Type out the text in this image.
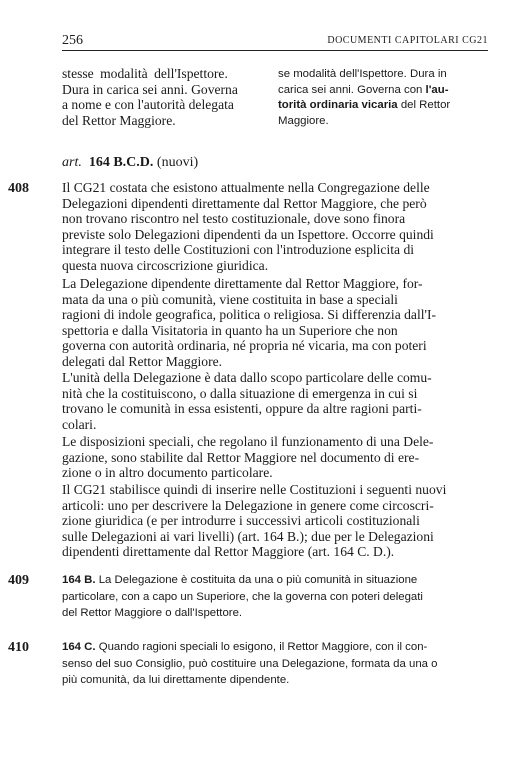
256	DOCUMENTI CAPITOLARI CG21
stesse modalità dell'Ispettore.
Dura in carica sei anni. Governa
a nome e con l'autorità delegata
del Rettor Maggiore.
se modalità dell'Ispettore. Dura in
carica sei anni. Governa con l'au-
torità ordinaria vicaria del Rettor
Maggiore.
art. 164 B.C.D. (nuovi)
408 Il CG21 costata che esistono attualmente nella Congregazione delle
Delegazioni dipendenti direttamente dal Rettor Maggiore, che però
non trovano riscontro nel testo costituzionale, dove sono finora
previste solo Delegazioni dipendenti da un Ispettore. Occorre quindi
integrare il testo delle Costituzioni con l'introduzione esplicita di
questa nuova circoscrizione giuridica.
La Delegazione dipendente direttamente dal Rettor Maggiore, for-
mata da una o più comunità, viene costituita in base a speciali
ragioni di indole geografica, politica o religiosa. Si differenzia dall'I-
spettoria e dalla Visitatoria in quanto ha un Superiore che non
governa con autorità ordinaria, né propria né vicaria, ma con poteri
delegati dal Rettor Maggiore.
L'unità della Delegazione è data dallo scopo particolare delle comu-
nità che la costituiscono, o dalla situazione di emergenza in cui si
trovano le comunità in essa esistenti, oppure da altre ragioni parti-
colari.
Le disposizioni speciali, che regolano il funzionamento di una Dele-
gazione, sono stabilite dal Rettor Maggiore nel documento di ere-
zione o in altro documento particolare.
Il CG21 stabilisce quindi di inserire nelle Costituzioni i seguenti nuovi
articoli: uno per descrivere la Delegazione in genere come circoscri-
zione giuridica (e per introdurre i successivi articoli costituzionali
sulle Delegazioni ai vari livelli) (art. 164 B.); due per le Delegazioni
dipendenti direttamente dal Rettor Maggiore (art. 164 C. D.).
409	164 B. La Delegazione è costituita da una o più comunità in situazione
particolare, con a capo un Superiore, che la governa con poteri delegati
del Rettor Maggiore o dall'Ispettore.
410	164 C. Quando ragioni speciali lo esigono, il Rettor Maggiore, con il con-
senso del suo Consiglio, può costituire una Delegazione, formata da una o
più comunità, da lui direttamente dipendente.
